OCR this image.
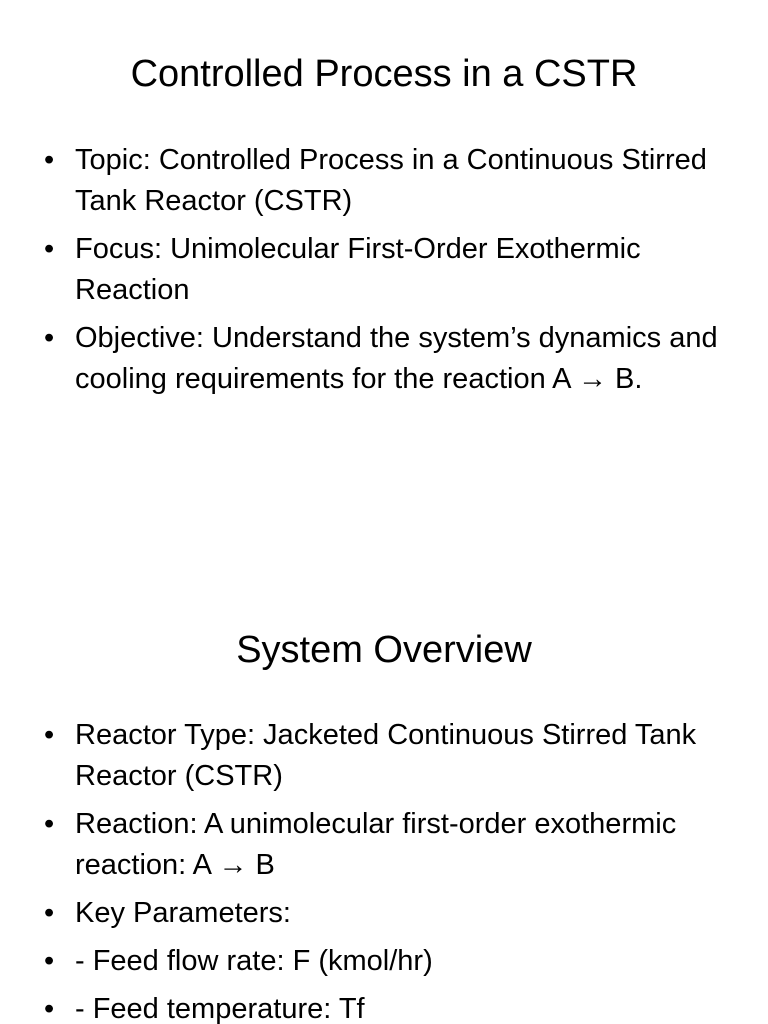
Controlled Process in a CSTR
• Topic: Controlled Process in a Continuous Stirred Tank Reactor (CSTR)
• Focus: Unimolecular First-Order Exothermic Reaction
• Objective: Understand the system’s dynamics and cooling requirements for the reaction A → B.
System Overview
• Reactor Type: Jacketed Continuous Stirred Tank Reactor (CSTR)
• Reaction: A unimolecular first-order exothermic reaction: A → B
• Key Parameters:
• - Feed flow rate: F (kmol/hr)
• - Feed temperature: Tf
